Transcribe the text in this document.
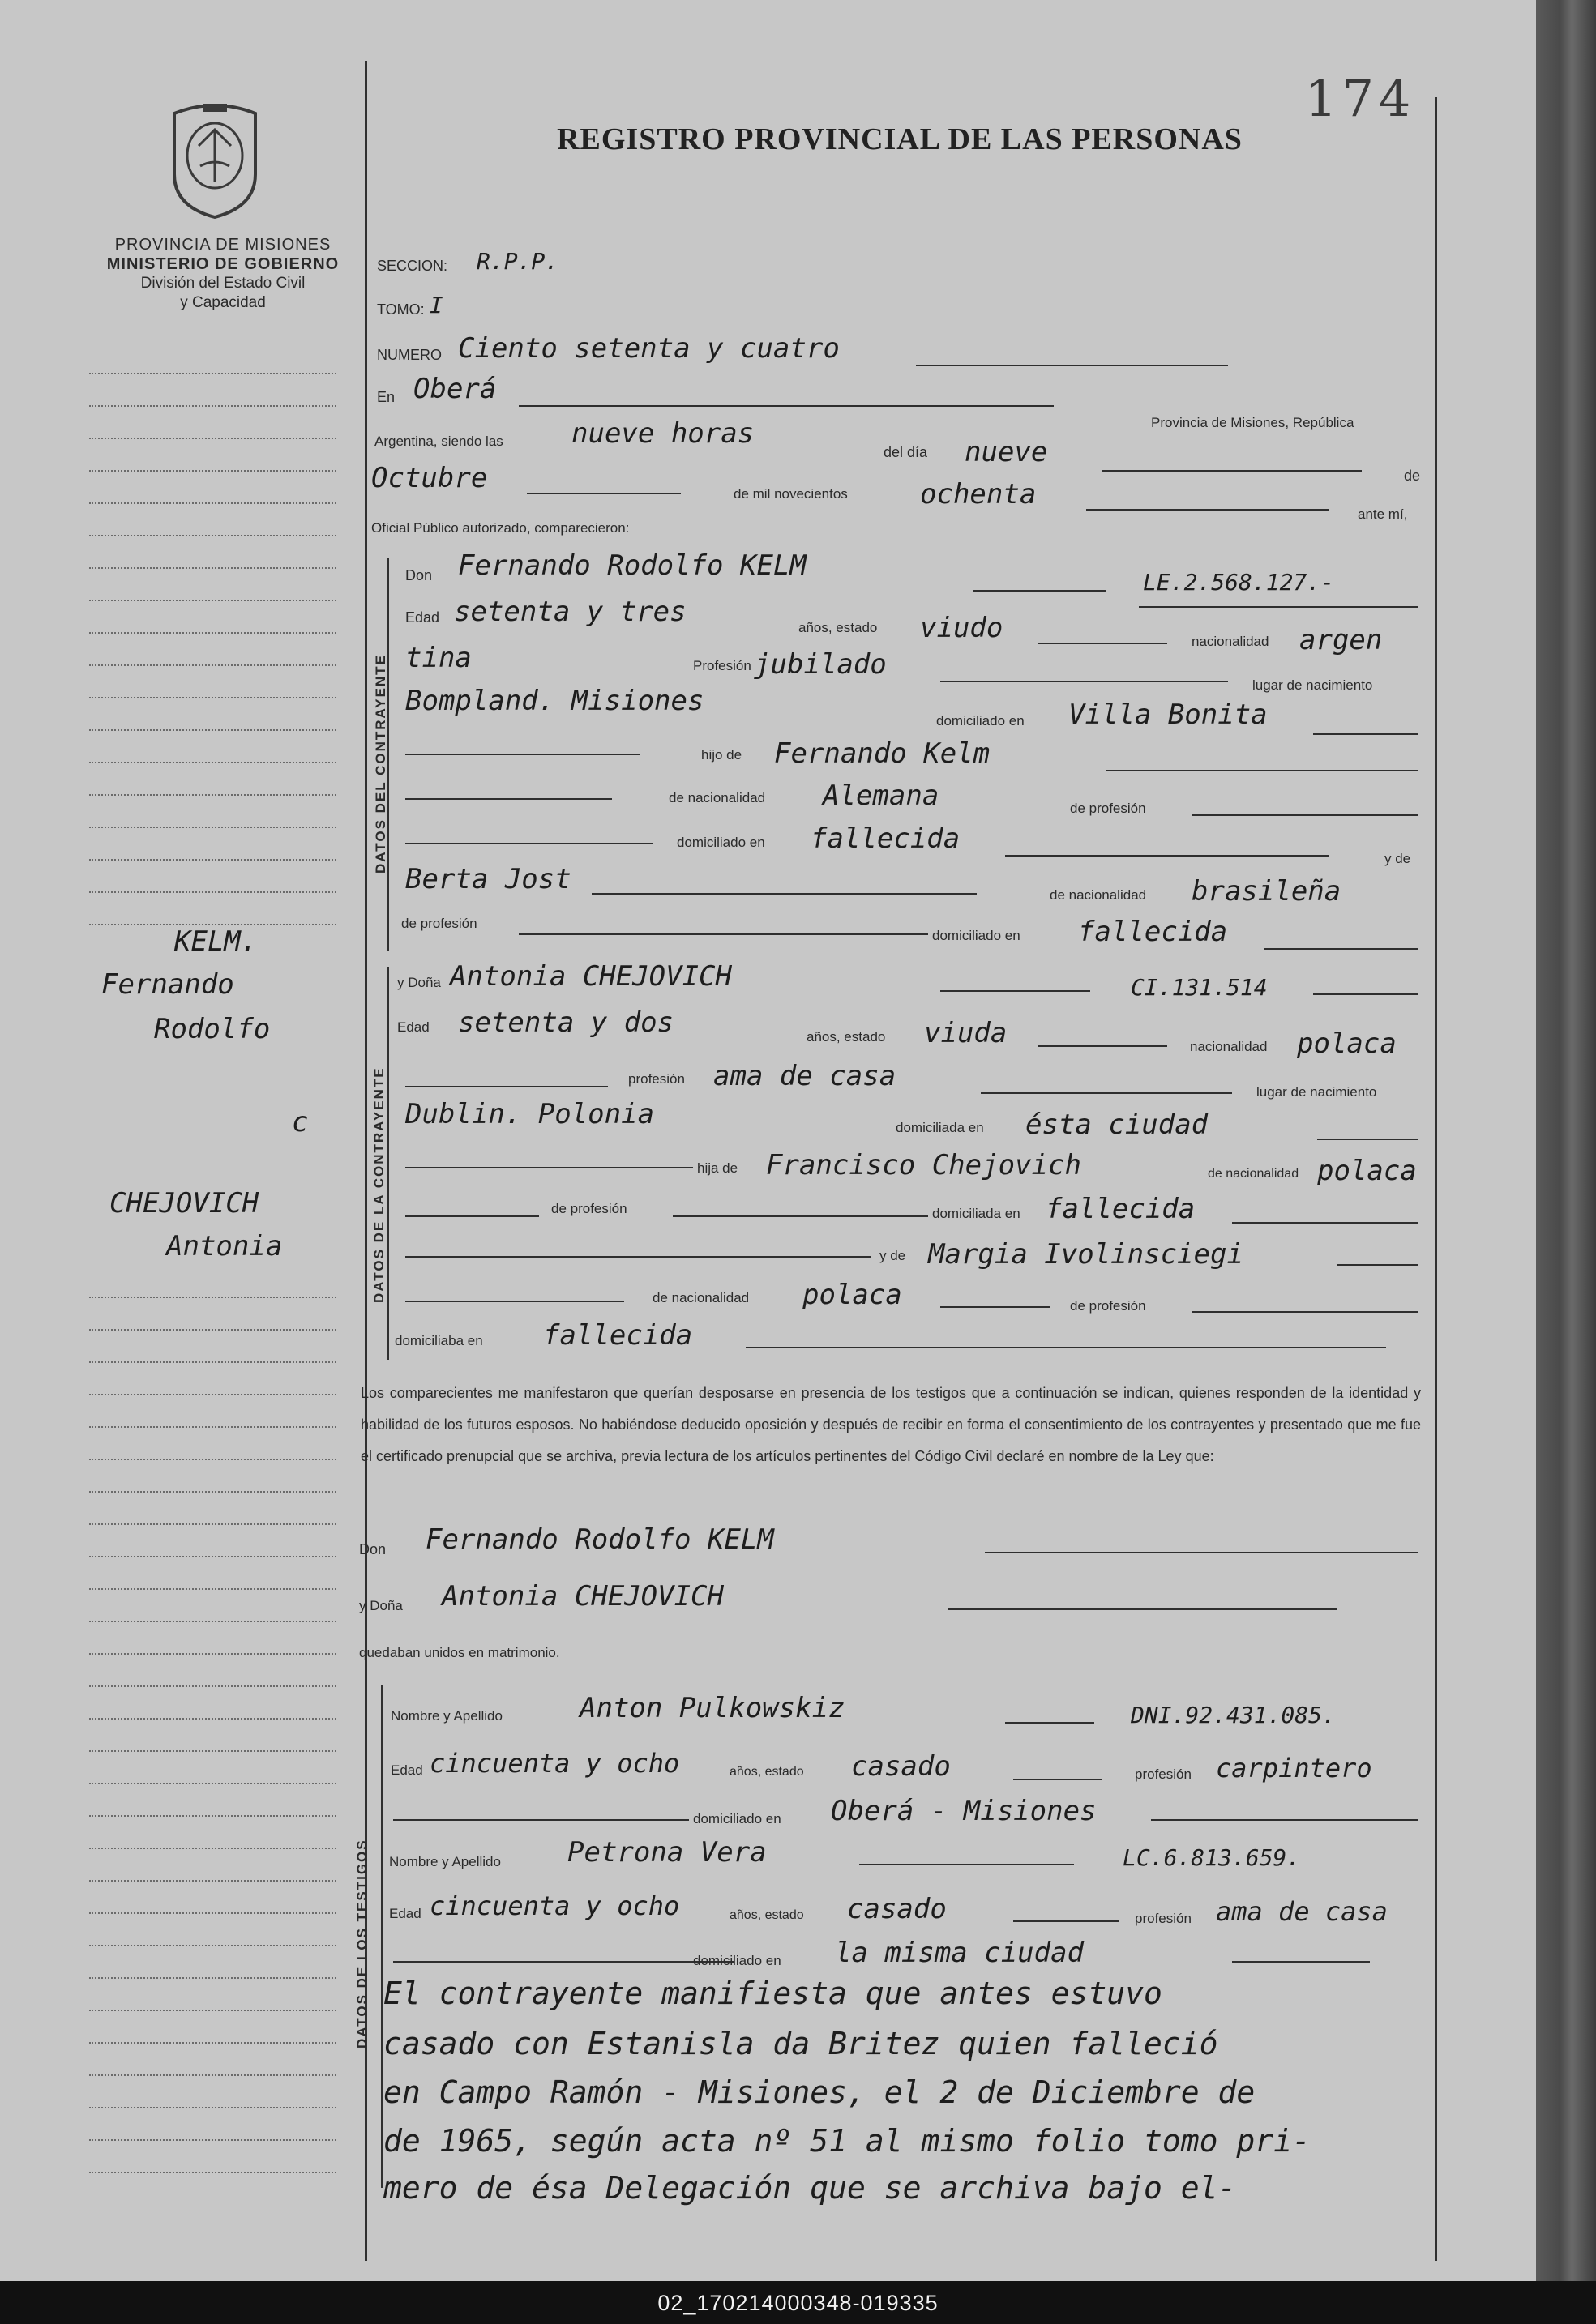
02_170214000348-019335
PROVINCIA DE MISIONES
MINISTERIO DE GOBIERNO
División del Estado Civil
y Capacidad
REGISTRO PROVINCIAL DE LAS PERSONAS
174
SECCION: R.P.P.
TOMO: I
NUMERO Ciento setenta y cuatro
En Oberá
Provincia de Misiones, República
Argentina, siendo las nueve horas
del día nueve
Octubre	de
de mil novecientos	ochenta
ante mí,
Oficial Público autorizado, comparecieron:
DATOS DEL CONTRAYENTE
Don Fernando Rodolfo KELM
LE.2.568.127.-
Edad setenta y tres	años, estado viudo	nacionalidad argen
tina	Profesión jubilado
lugar de nacimiento
Bompland. Misiones
domiciliado en Villa Bonita
hijo de Fernando Kelm
de nacionalidad Alemana	de profesión
domiciliado en fallecida
y de
Berta Jost	de nacionalidad brasileña
de profesión
domiciliado en fallecida
DATOS DE LA CONTRAYENTE
y Doña Antonia CHEJOVICH	CI.131.514
Edad setenta y dos	años, estado viuda	nacionalidad polaca
profesión ama de casa	lugar de nacimiento
Dublin. Polonia	domiciliada en ésta ciudad
hija de Francisco Chejovich	de nacionalidad polaca
de profesión	domiciliada en fallecida
y de Margia Ivolinsciegi
de nacionalidad polaca	de profesión
domiciliaba en fallecida
Los comparecientes me manifestaron que querían desposarse en presencia de los testigos que a continuación se indican, quienes responden de la identidad y habilidad de los futuros esposos. No habiéndose deducido oposición y después de recibir en forma el consentimiento de los contrayentes y presentado que me fue el certificado prenupcial que se archiva, previa lectura de los artículos pertinentes del Código Civil declaré en nombre de la Ley que:
Don Fernando Rodolfo KELM
y Doña Antonia CHEJOVICH
quedaban unidos en matrimonio.
DATOS DE LOS TESTIGOS
Nombre y Apellido	Anton Pulkowskiz	DNI.92.431.085.
Edad cincuenta y ocho	años, estado casado	profesión carpintero
domiciliado en Oberá - Misiones
Nombre y Apellido Petrona Vera	LC.6.813.659.
Edad cincuenta y ocho	años, estado casado	profesión ama de casa
domiciliado en la misma ciudad
El contrayente manifiesta que antes estuvo
casado con Estanisla da Britez quien falleció
en Campo Ramón - Misiones, el 2 de Diciembre de
de 1965, según acta nº 51 al mismo folio tomo pri-
mero de ésa Delegación que se archiva bajo el-
KELM.
Fernando
Rodolfo
c
CHEJOVICH
Antonia
